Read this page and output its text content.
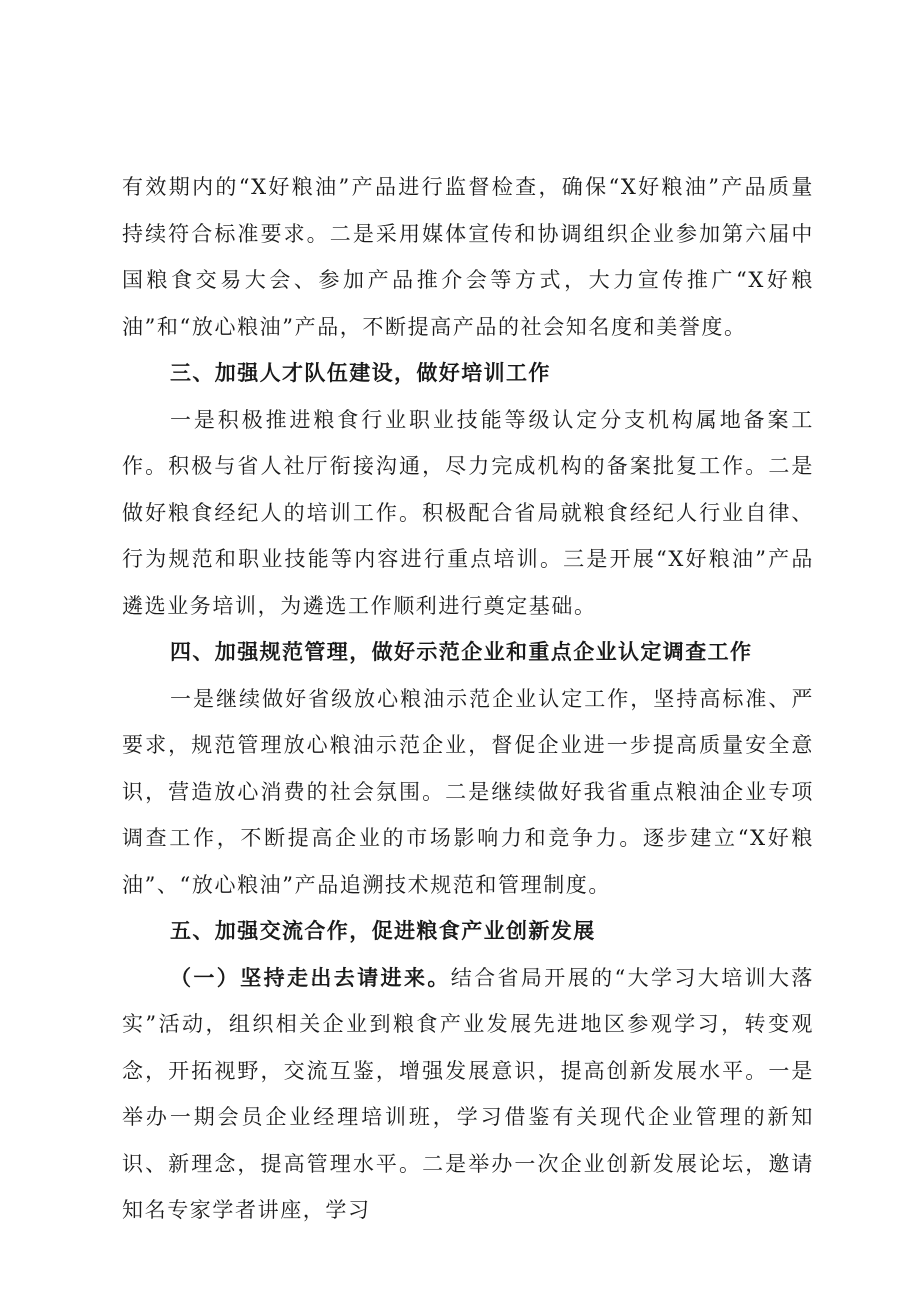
有效期内的“X好粮油”产品进行监督检查，确保“X好粮油”产品质量持续符合标准要求。二是采用媒体宣传和协调组织企业参加第六届中国粮食交易大会、参加产品推介会等方式，大力宣传推广“X好粮油”和“放心粮油”产品，不断提高产品的社会知名度和美誉度。

三、加强人才队伍建设，做好培训工作

一是积极推进粮食行业职业技能等级认定分支机构属地备案工作。积极与省人社厅衔接沟通，尽力完成机构的备案批复工作。二是做好粮食经纪人的培训工作。积极配合省局就粮食经纪人行业自律、行为规范和职业技能等内容进行重点培训。三是开展“X好粮油”产品遴选业务培训，为遴选工作顺利进行奠定基础。

四、加强规范管理，做好示范企业和重点企业认定调查工作

一是继续做好省级放心粮油示范企业认定工作，坚持高标准、严要求，规范管理放心粮油示范企业，督促企业进一步提高质量安全意识，营造放心消费的社会氛围。二是继续做好我省重点粮油企业专项调查工作，不断提高企业的市场影响力和竞争力。逐步建立“X好粮油”、“放心粮油”产品追溯技术规范和管理制度。

五、加强交流合作，促进粮食产业创新发展

（一）坚持走出去请进来。结合省局开展的“大学习大培训大落实”活动，组织相关企业到粮食产业发展先进地区参观学习，转变观念，开拓视野，交流互鉴，增强发展意识，提高创新发展水平。一是举办一期会员企业经理培训班，学习借鉴有关现代企业管理的新知识、新理念，提高管理水平。二是举办一次企业创新发展论坛，邀请知名专家学者讲座，学习
